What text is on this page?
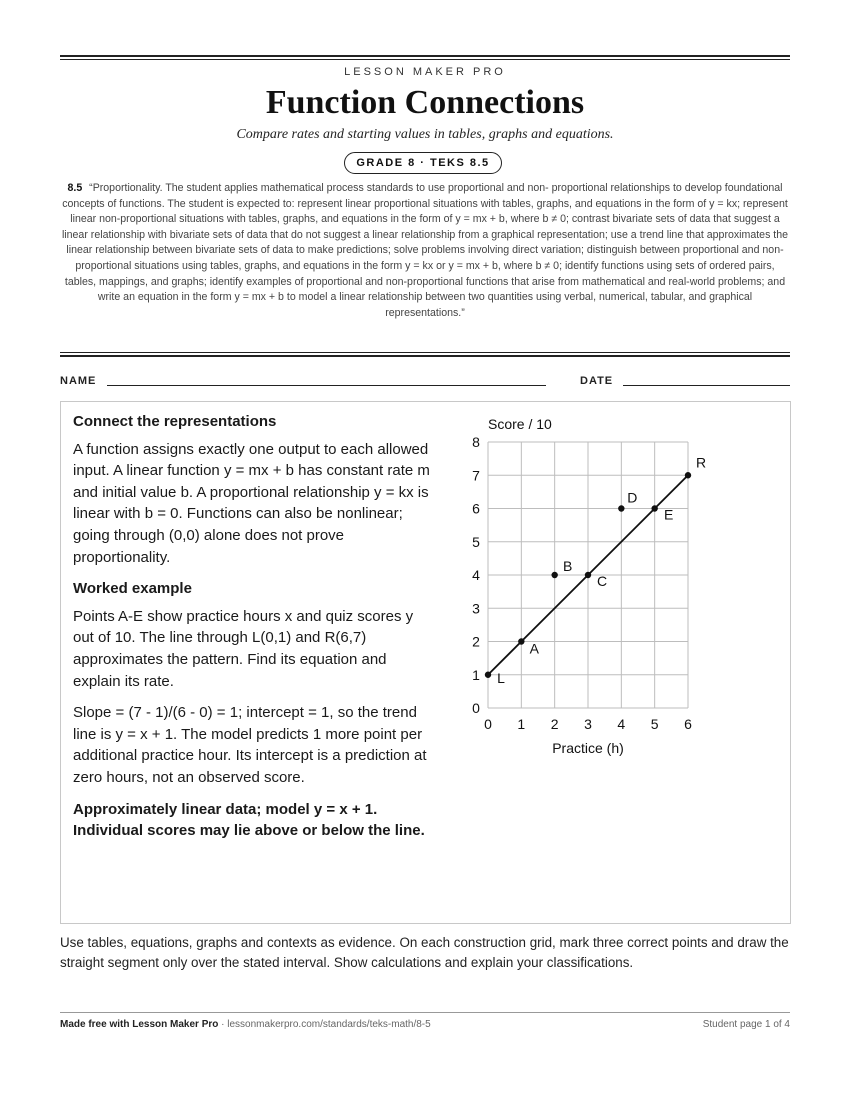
LESSON MAKER PRO
Function Connections
Compare rates and starting values in tables, graphs and equations.
GRADE 8 · TEKS 8.5
8.5 “Proportionality. The student applies mathematical process standards to use proportional and non- proportional relationships to develop foundational concepts of functions. The student is expected to: represent linear proportional situations with tables, graphs, and equations in the form of y = kx; represent linear non-proportional situations with tables, graphs, and equations in the form of y = mx + b, where b ≠ 0; contrast bivariate sets of data that suggest a linear relationship with bivariate sets of data that do not suggest a linear relationship from a graphical representation; use a trend line that approximates the linear relationship between bivariate sets of data to make predictions; solve problems involving direct variation; distinguish between proportional and non-proportional situations using tables, graphs, and equations in the form y = kx or y = mx + b, where b ≠ 0; identify functions using sets of ordered pairs, tables, mappings, and graphs; identify examples of proportional and non-proportional functions that arise from mathematical and real-world problems; and write an equation in the form y = mx + b to model a linear relationship between two quantities using verbal, numerical, tabular, and graphical representations.”
NAME	DATE
Connect the representations

A function assigns exactly one output to each allowed input. A linear function y = mx + b has constant rate m and initial value b. A proportional relationship y = kx is linear with b = 0. Functions can also be nonlinear; going through (0,0) alone does not prove proportionality.

Worked example

Points A-E show practice hours x and quiz scores y out of 10. The line through L(0,1) and R(6,7) approximates the pattern. Find its equation and explain its rate.

Slope = (7 - 1)/(6 - 0) = 1; intercept = 1, so the trend line is y = x + 1. The model predicts 1 more point per additional practice hour. Its intercept is a prediction at zero hours, not an observed score.

Approximately linear data; model y = x + 1. Individual scores may lie above or below the line.

0 1 2 3 4 5 6
0
1
2
3
4
5
6
7
8
Practice (h)
Score / 10
L
R
A
B
C
D
E
Use tables, equations, graphs and contexts as evidence. On each construction grid, mark three correct points and draw the straight segment only over the stated interval. Show calculations and explain your classifications.
Made free with Lesson Maker Pro · lessonmakerpro.com/standards/teks-math/8-5	Student page 1 of 4
